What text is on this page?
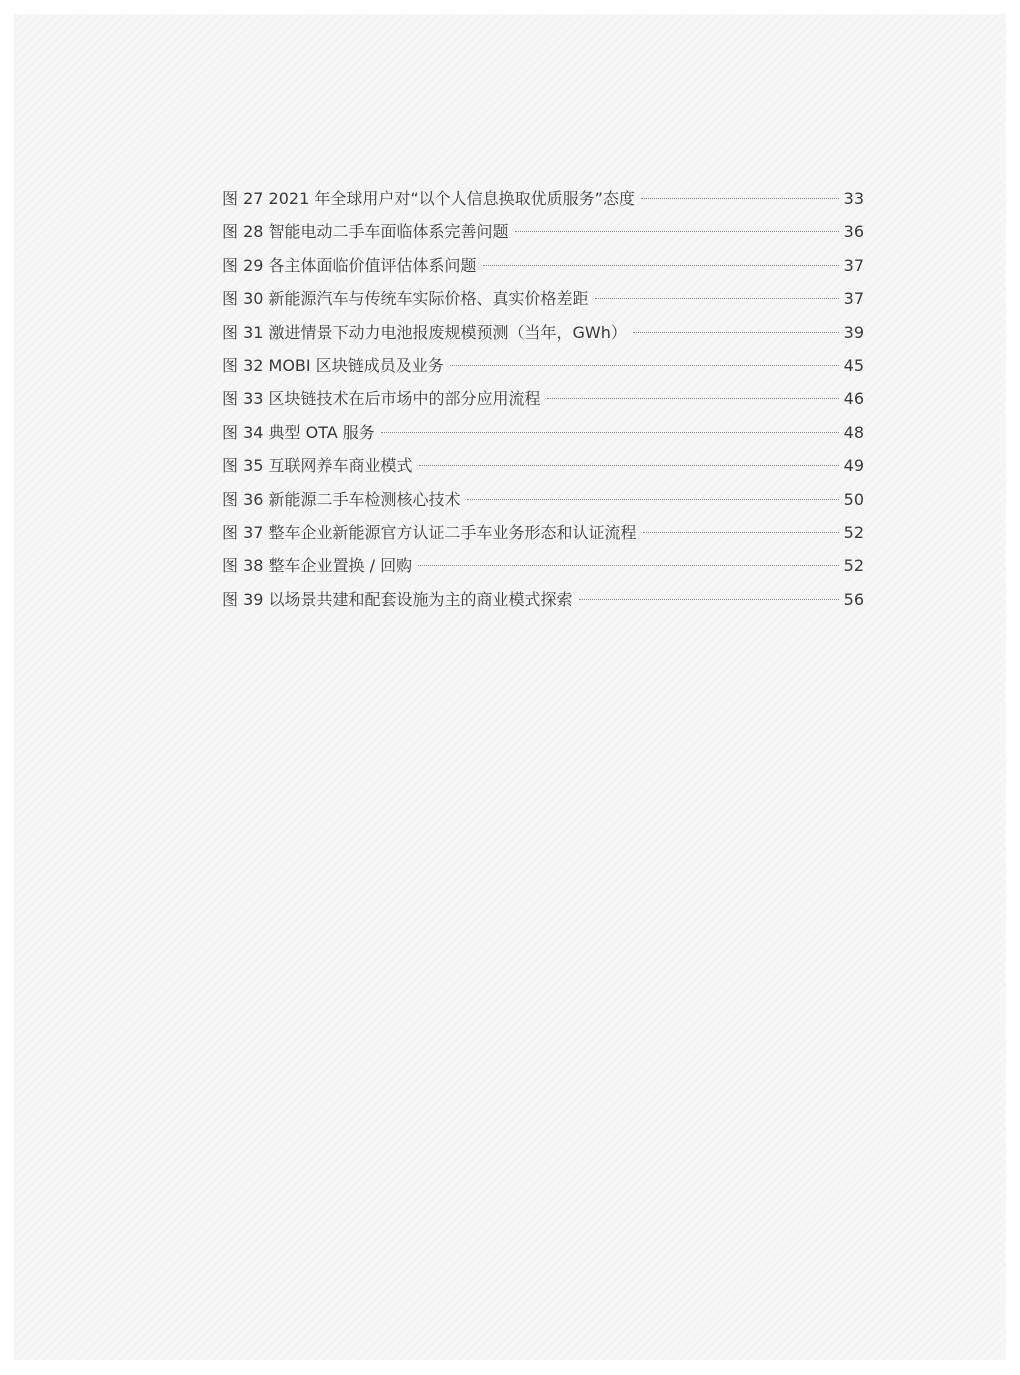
图 27 2021 年全球用户对“以个人信息换取优质服务”态度	33
图 28 智能电动二手车面临体系完善问题	36
图 29 各主体面临价值评估体系问题	37
图 30 新能源汽车与传统车实际价格、真实价格差距	37
图 31 激进情景下动力电池报废规模预测（当年，GWh）	39
图 32 MOBI 区块链成员及业务	45
图 33 区块链技术在后市场中的部分应用流程	46
图 34 典型 OTA 服务	48
图 35 互联网养车商业模式	49
图 36 新能源二手车检测核心技术	50
图 37 整车企业新能源官方认证二手车业务形态和认证流程	52
图 38 整车企业置换 / 回购	52
图 39 以场景共建和配套设施为主的商业模式探索	56
